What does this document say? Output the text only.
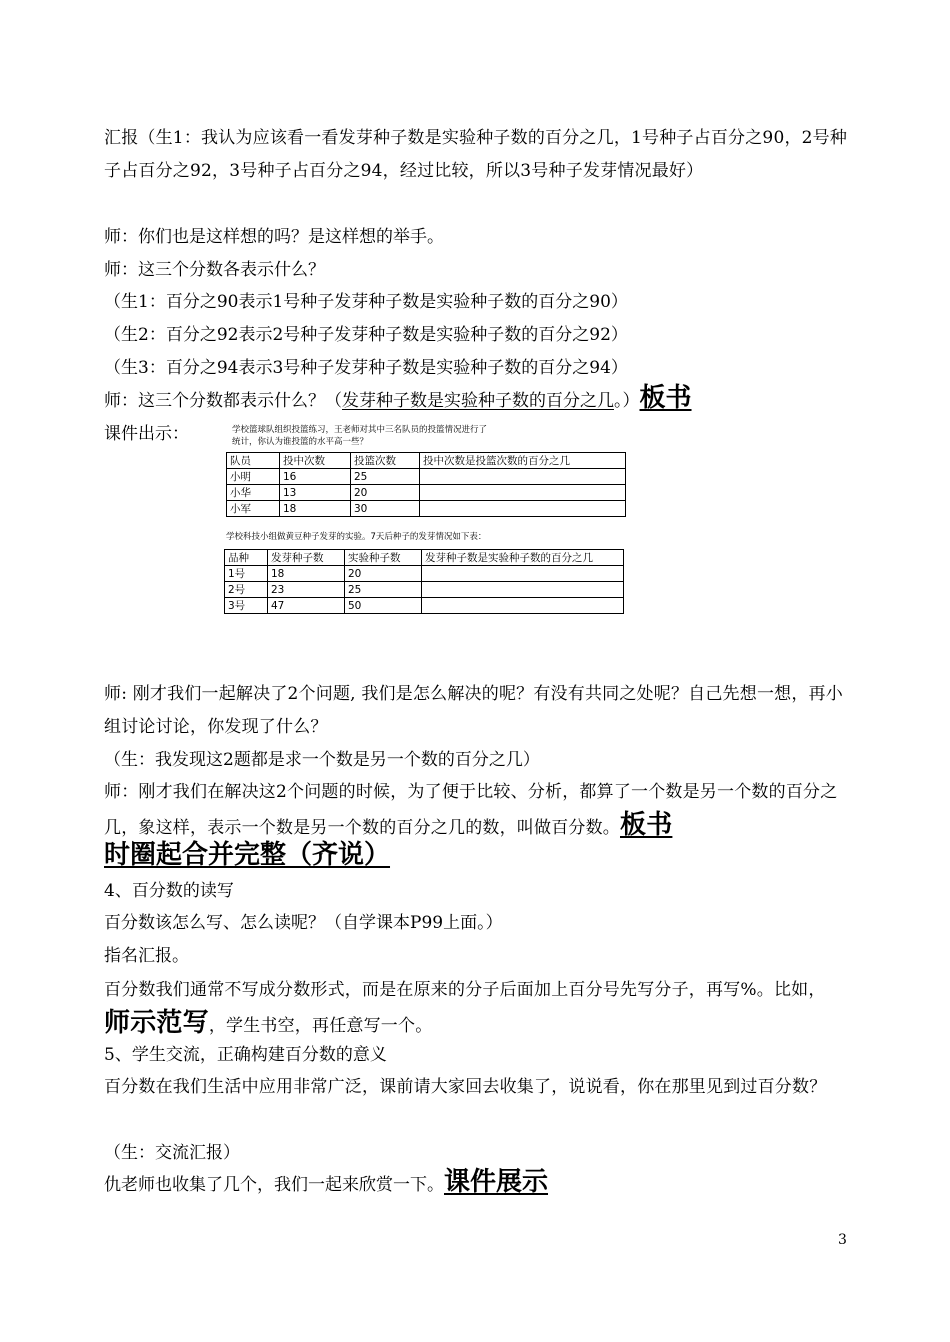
汇报（生1：我认为应该看一看发芽种子数是实验种子数的百分之几，1号种子占百分之90，2号种子占百分之92，3号种子占百分之94，经过比较，所以3号种子发芽情况最好）

师：你们也是这样想的吗？是这样想的举手。

师：这三个分数各表示什么？

（生1：百分之90表示1号种子发芽种子数是实验种子数的百分之90）

（生2：百分之92表示2号种子发芽种子数是实验种子数的百分之92）

（生3：百分之94表示3号种子发芽种子数是实验种子数的百分之94）

师：这三个分数都表示什么？（发芽种子数是实验种子数的百分之几。）板书

课件出示：	学校篮球队组织投篮练习，王老师对其中三名队员的投篮情况进行了

统计，你认为谁投篮的水平高一些？

队员	投中次数	投篮次数	投中次数是投篮次数的百分之几
小明	16	25	
小华	13	20	
小军	18	30	

学校科技小组做黄豆种子发芽的实验。7天后种子的发芽情况如下表：

品种	发芽种子数	实验种子数	发芽种子数是实验种子数的百分之几
1号	18	20	
2号	23	25	
3号	47	50	

师: 刚才我们一起解决了2个问题, 我们是怎么解决的呢？有没有共同之处呢？自己先想一想，再小组讨论讨论，你发现了什么？

（生：我发现这2题都是求一个数是另一个数的百分之几）

师：刚才我们在解决这2个问题的时候，为了便于比较、分析，都算了一个数是另一个数的百分之几，象这样，表示一个数是另一个数的百分之几的数，叫做百分数。板书

时圈起合并完整（齐说）

4、百分数的读写

百分数该怎么写、怎么读呢？（自学课本P99上面。）

指名汇报。

百分数我们通常不写成分数形式，而是在原来的分子后面加上百分号先写分子，再写%。比如，师示范写，学生书空，再任意写一个。

5、学生交流，正确构建百分数的意义

百分数在我们生活中应用非常广泛，课前请大家回去收集了，说说看，你在那里见到过百分数？

（生：交流汇报）

仇老师也收集了几个，我们一起来欣赏一下。课件展示

3
